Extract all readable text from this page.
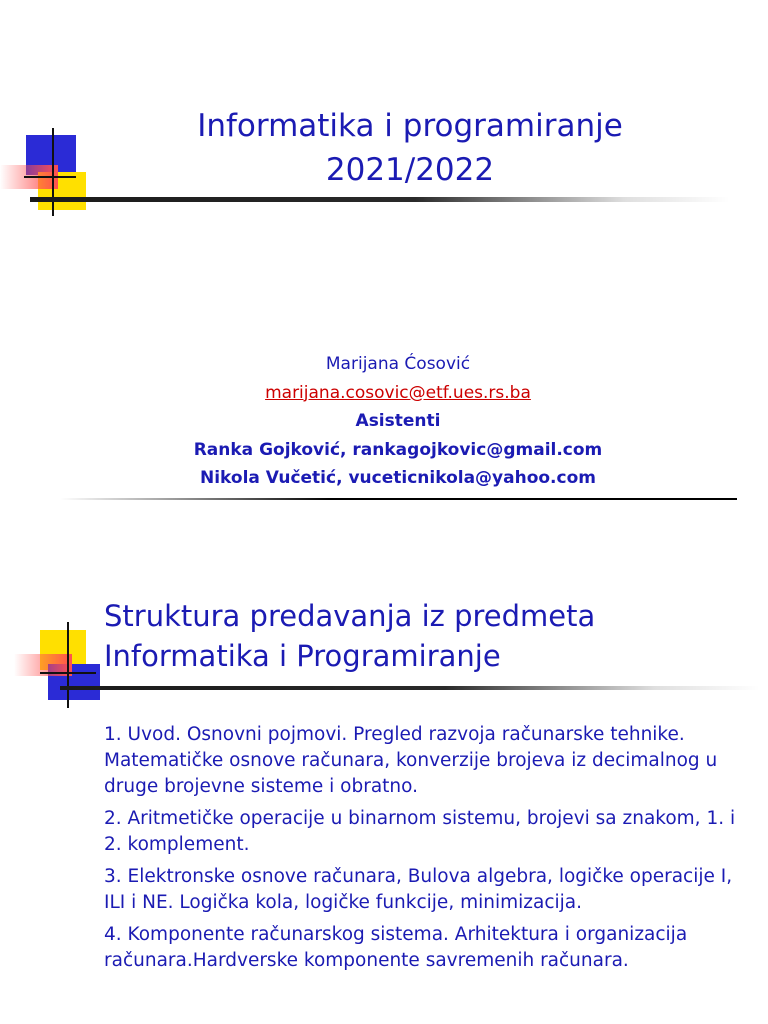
Informatika i programiranje
2021/2022
Marijana Ćosović
marijana.cosovic@etf.ues.rs.ba
Asistenti
Ranka Gojković, rankagojkovic@gmail.com
Nikola Vučetić, vuceticnikola@yahoo.com
Struktura predavanja iz predmeta
Informatika i Programiranje
1. Uvod. Osnovni pojmovi. Pregled razvoja računarske tehnike. Matematičke osnove računara, konverzije brojeva iz decimalnog u druge brojevne sisteme i obratno.
2. Aritmetičke operacije u binarnom sistemu, brojevi sa znakom, 1. i 2. komplement.
3. Elektronske osnove računara, Bulova algebra, logičke operacije I, ILI i NE. Logička kola, logičke funkcije, minimizacija.
4. Komponente računarskog sistema. Arhitektura i organizacija računara.Hardverske komponente savremenih računara.
